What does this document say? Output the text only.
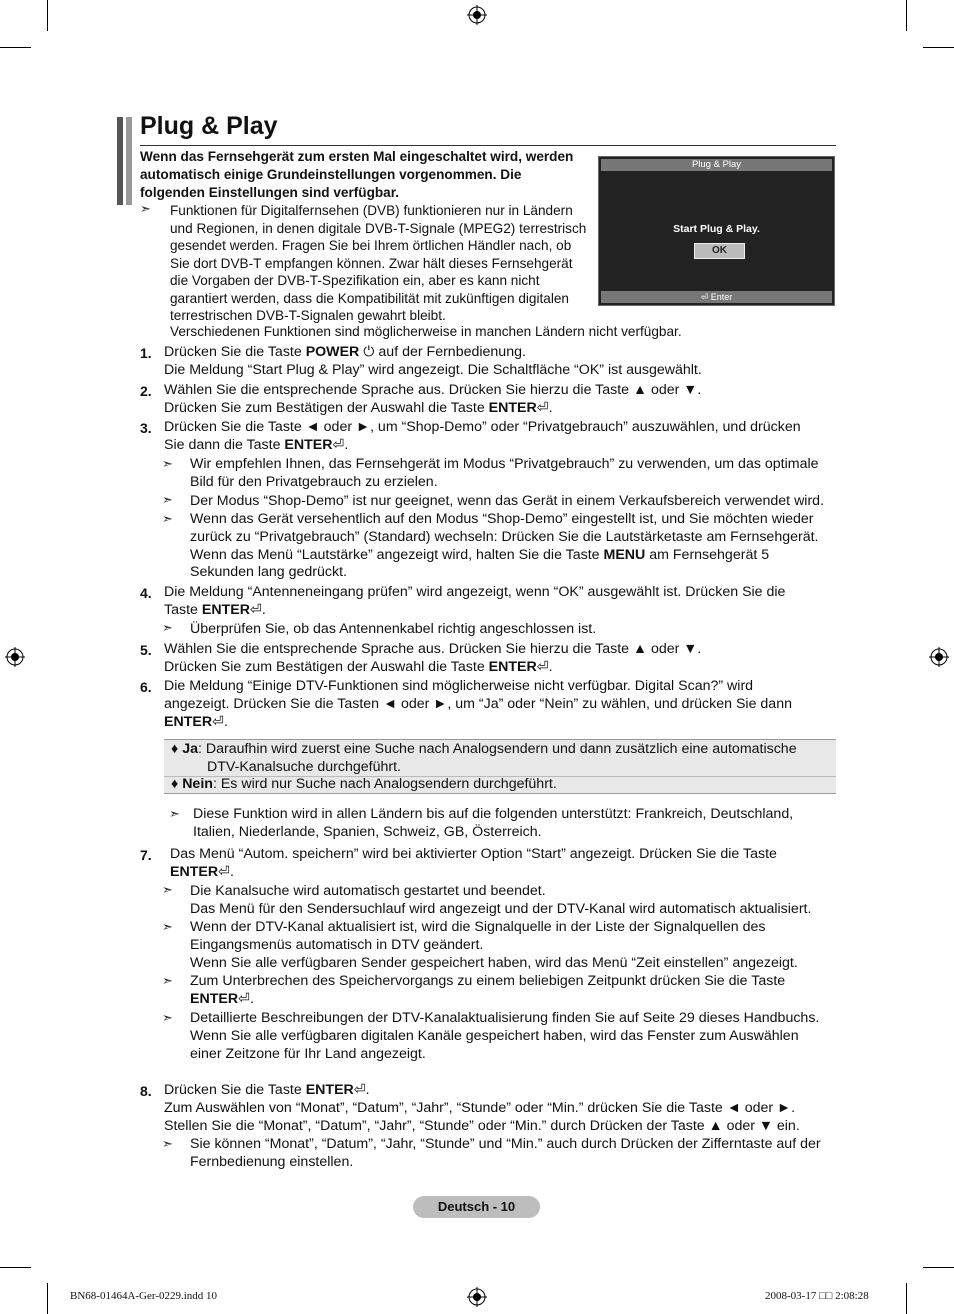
Plug & Play
Wenn das Fernsehgerät zum ersten Mal eingeschaltet wird, werden automatisch einige Grundeinstellungen vorgenommen. Die folgenden Einstellungen sind verfügbar.
➣ Funktionen für Digitalfernsehen (DVB) funktionieren nur in Ländern und Regionen, in denen digitale DVB-T-Signale (MPEG2) terrestrisch gesendet werden. Fragen Sie bei Ihrem örtlichen Händler nach, ob Sie dort DVB-T empfangen können. Zwar hält dieses Fernsehgerät die Vorgaben der DVB-T-Spezifikation ein, aber es kann nicht garantiert werden, dass die Kompatibilität mit zukünftigen digitalen terrestrischen DVB-T-Signalen gewahrt bleibt.
Verschiedenen Funktionen sind möglicherweise in manchen Ländern nicht verfügbar.
Plug & Play
Start Plug & Play.
OK
⏎ Enter
1. Drücken Sie die Taste POWER ⏻ auf der Fernbedienung.
Die Meldung “Start Plug & Play” wird angezeigt. Die Schaltfläche “OK” ist ausgewählt.
2. Wählen Sie die entsprechende Sprache aus. Drücken Sie hierzu die Taste ▲ oder ▼.
Drücken Sie zum Bestätigen der Auswahl die Taste ENTER⏎.
3. Drücken Sie die Taste ◄ oder ►, um “Shop-Demo” oder “Privatgebrauch” auszuwählen, und drücken
Sie dann die Taste ENTER⏎.
➣ Wir empfehlen Ihnen, das Fernsehgerät im Modus “Privatgebrauch” zu verwenden, um das optimale Bild für den Privatgebrauch zu erzielen.
➣ Der Modus “Shop-Demo” ist nur geeignet, wenn das Gerät in einem Verkaufsbereich verwendet wird.
➣ Wenn das Gerät versehentlich auf den Modus “Shop-Demo” eingestellt ist, und Sie möchten wieder zurück zu “Privatgebrauch” (Standard) wechseln: Drücken Sie die Lautstärketaste am Fernsehgerät. Wenn das Menü “Lautstärke” angezeigt wird, halten Sie die Taste MENU am Fernsehgerät 5 Sekunden lang gedrückt.
4. Die Meldung “Antenneneingang prüfen” wird angezeigt, wenn “OK” ausgewählt ist. Drücken Sie die
Taste ENTER⏎.
➣ Überprüfen Sie, ob das Antennenkabel richtig angeschlossen ist.
5. Wählen Sie die entsprechende Sprache aus. Drücken Sie hierzu die Taste ▲ oder ▼.
Drücken Sie zum Bestätigen der Auswahl die Taste ENTER⏎.
6. Die Meldung “Einige DTV-Funktionen sind möglicherweise nicht verfügbar. Digital Scan?” wird
angezeigt. Drücken Sie die Tasten ◄ oder ►, um “Ja” oder “Nein” zu wählen, und drücken Sie dann
ENTER⏎.
♦ Ja: Daraufhin wird zuerst eine Suche nach Analogsendern und dann zusätzlich eine automatische
DTV-Kanalsuche durchgeführt.
♦ Nein: Es wird nur Suche nach Analogsendern durchgeführt.
➣ Diese Funktion wird in allen Ländern bis auf die folgenden unterstützt: Frankreich, Deutschland, Italien, Niederlande, Spanien, Schweiz, GB, Österreich.
7. Das Menü “Autom. speichern” wird bei aktivierter Option “Start” angezeigt. Drücken Sie die Taste
ENTER⏎.
➣ Die Kanalsuche wird automatisch gestartet und beendet.
Das Menü für den Sendersuchlauf wird angezeigt und der DTV-Kanal wird automatisch aktualisiert.
➣ Wenn der DTV-Kanal aktualisiert ist, wird die Signalquelle in der Liste der Signalquellen des Eingangsmenüs automatisch in DTV geändert.
Wenn Sie alle verfügbaren Sender gespeichert haben, wird das Menü “Zeit einstellen” angezeigt.
➣ Zum Unterbrechen des Speichervorgangs zu einem beliebigen Zeitpunkt drücken Sie die Taste
ENTER⏎.
➣ Detaillierte Beschreibungen der DTV-Kanalaktualisierung finden Sie auf Seite 29 dieses Handbuchs.
Wenn Sie alle verfügbaren digitalen Kanäle gespeichert haben, wird das Fenster zum Auswählen einer Zeitzone für Ihr Land angezeigt.
8. Drücken Sie die Taste ENTER⏎.
Zum Auswählen von “Monat”, “Datum”, “Jahr”, “Stunde” oder “Min.” drücken Sie die Taste ◄ oder ►.
Stellen Sie die “Monat”, “Datum”, “Jahr”, “Stunde” oder “Min.” durch Drücken der Taste ▲ oder ▼ ein.
➣ Sie können “Monat”, “Datum”, “Jahr, “Stunde” und “Min.” auch durch Drücken der Zifferntaste auf der Fernbedienung einstellen.
Deutsch - 10
BN68-01464A-Ger-0229.indd 10	2008-03-17 □□ 2:08:28
